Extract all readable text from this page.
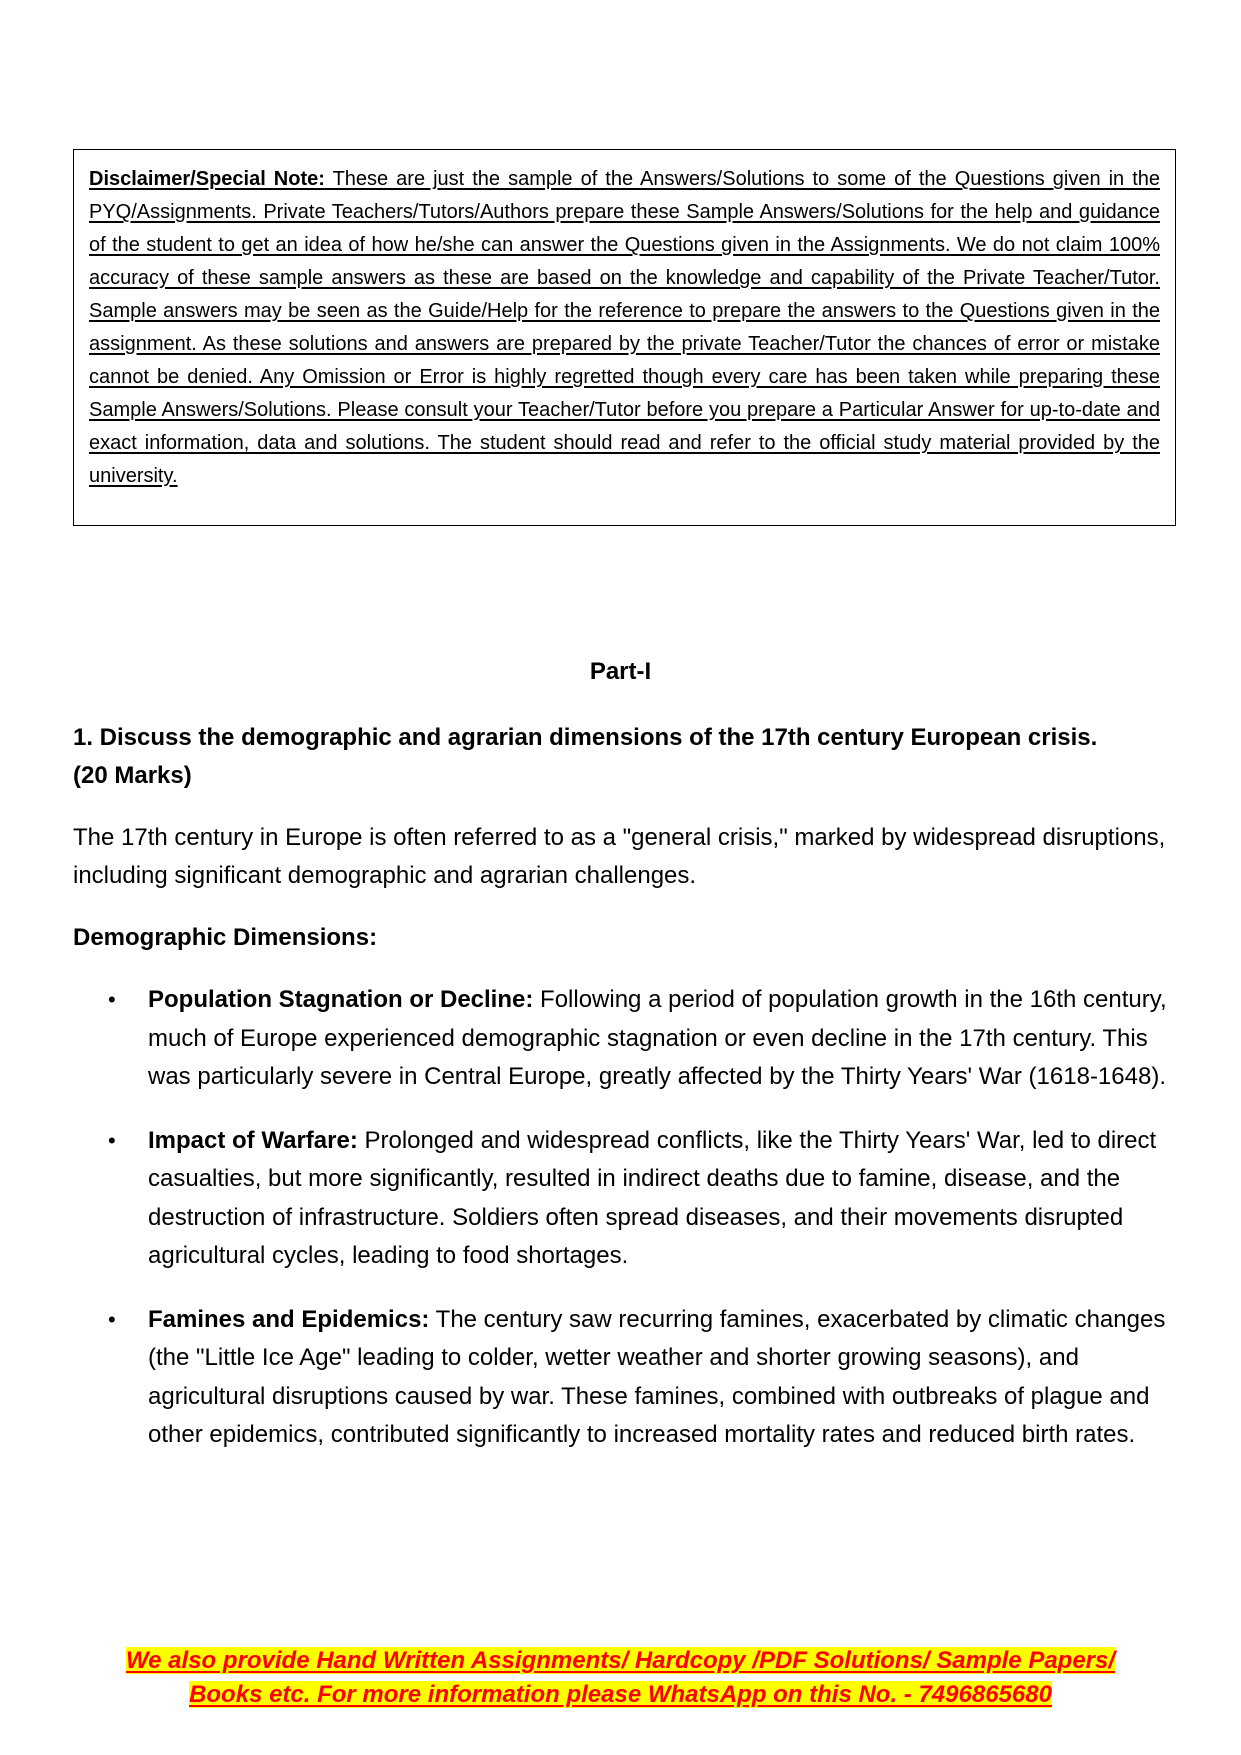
Disclaimer/Special Note: These are just the sample of the Answers/Solutions to some of the Questions given in the PYQ/Assignments. Private Teachers/Tutors/Authors prepare these Sample Answers/Solutions for the help and guidance of the student to get an idea of how he/she can answer the Questions given in the Assignments. We do not claim 100% accuracy of these sample answers as these are based on the knowledge and capability of the Private Teacher/Tutor. Sample answers may be seen as the Guide/Help for the reference to prepare the answers to the Questions given in the assignment. As these solutions and answers are prepared by the private Teacher/Tutor the chances of error or mistake cannot be denied. Any Omission or Error is highly regretted though every care has been taken while preparing these Sample Answers/Solutions. Please consult your Teacher/Tutor before you prepare a Particular Answer for up-to-date and exact information, data and solutions. The student should read and refer to the official study material provided by the university.

Part-I

1. Discuss the demographic and agrarian dimensions of the 17th century European crisis.
(20 Marks)

The 17th century in Europe is often referred to as a "general crisis," marked by widespread disruptions, including significant demographic and agrarian challenges.

Demographic Dimensions:

• Population Stagnation or Decline: Following a period of population growth in the 16th century, much of Europe experienced demographic stagnation or even decline in the 17th century. This was particularly severe in Central Europe, greatly affected by the Thirty Years' War (1618-1648).
• Impact of Warfare: Prolonged and widespread conflicts, like the Thirty Years' War, led to direct casualties, but more significantly, resulted in indirect deaths due to famine, disease, and the destruction of infrastructure. Soldiers often spread diseases, and their movements disrupted agricultural cycles, leading to food shortages.
• Famines and Epidemics: The century saw recurring famines, exacerbated by climatic changes (the "Little Ice Age" leading to colder, wetter weather and shorter growing seasons), and agricultural disruptions caused by war. These famines, combined with outbreaks of plague and other epidemics, contributed significantly to increased mortality rates and reduced birth rates.
We also provide Hand Written Assignments/ Hardcopy /PDF Solutions/ Sample Papers/
Books etc. For more information please WhatsApp on this No. - 7496865680
